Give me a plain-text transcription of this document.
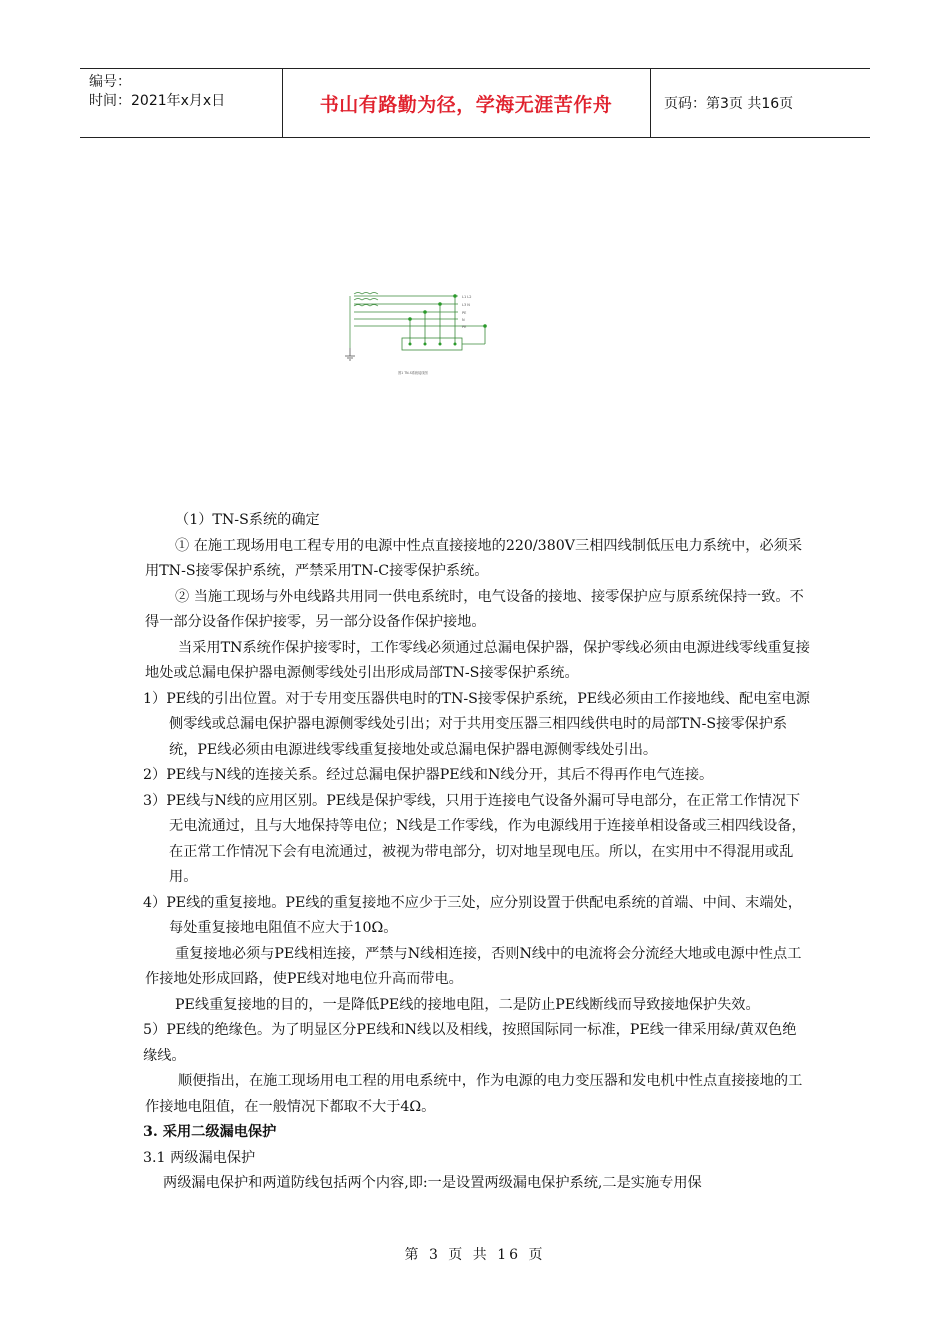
编号：
时间：2021年x月x日	书山有路勤为径，学海无涯苦作舟	页码：第3页 共16页
L1 L2
L3 N
PE
N
PE
图1 TN-S系统接线图

（1）TN-S系统的确定

① 在施工现场用电工程专用的电源中性点直接接地的220/380V三相四线制低压电力系统中，必须采用TN-S接零保护系统，严禁采用TN-C接零保护系统。

② 当施工现场与外电线路共用同一供电系统时，电气设备的接地、接零保护应与原系统保持一致。不得一部分设备作保护接零，另一部分设备作保护接地。

当采用TN系统作保护接零时，工作零线必须通过总漏电保护器，保护零线必须由电源进线零线重复接地处或总漏电保护器电源侧零线处引出形成局部TN-S接零保护系统。

1）PE线的引出位置。对于专用变压器供电时的TN-S接零保护系统，PE线必须由工作接地线、配电室电源侧零线或总漏电保护器电源侧零线处引出；对于共用变压器三相四线供电时的局部TN-S接零保护系统，PE线必须由电源进线零线重复接地处或总漏电保护器电源侧零线处引出。

2）PE线与N线的连接关系。经过总漏电保护器PE线和N线分开，其后不得再作电气连接。

3）PE线与N线的应用区别。PE线是保护零线，只用于连接电气设备外漏可导电部分，在正常工作情况下无电流通过，且与大地保持等电位；N线是工作零线，作为电源线用于连接单相设备或三相四线设备，在正常工作情况下会有电流通过，被视为带电部分，切对地呈现电压。所以，在实用中不得混用或乱用。

4）PE线的重复接地。PE线的重复接地不应少于三处，应分别设置于供配电系统的首端、中间、末端处，每处重复接地电阻值不应大于10Ω。

重复接地必须与PE线相连接，严禁与N线相连接，否则N线中的电流将会分流经大地或电源中性点工作接地处形成回路，使PE线对地电位升高而带电。

PE线重复接地的目的，一是降低PE线的接地电阻，二是防止PE线断线而导致接地保护失效。

5）PE线的绝缘色。为了明显区分PE线和N线以及相线，按照国际同一标准，PE线一律采用绿/黄双色绝缘线。

顺便指出，在施工现场用电工程的用电系统中，作为电源的电力变压器和发电机中性点直接接地的工作接地电阻值，在一般情况下都取不大于4Ω。

3. 采用二级漏电保护

3.1 两级漏电保护

两级漏电保护和两道防线包括两个内容,即:一是设置两级漏电保护系统,二是实施专用保

第 3 页 共 16 页
